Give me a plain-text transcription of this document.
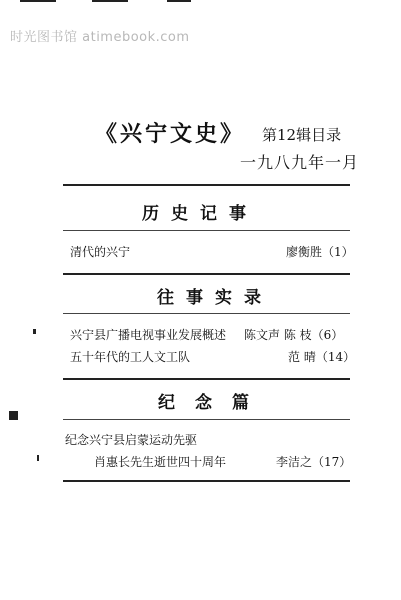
时光图书馆 atimebook.com
《兴宁文史》 第12辑目录
一九八九年一月
历史记事
清代的兴宁	廖衡胜（1）
往事实录
兴宁县广播电视事业发展概述 陈文声 陈 枝（6）
五十年代的工人文工队	范 晴（14）
纪念篇
纪念兴宁县启蒙运动先驱
肖惠长先生逝世四十周年	李洁之（17）
